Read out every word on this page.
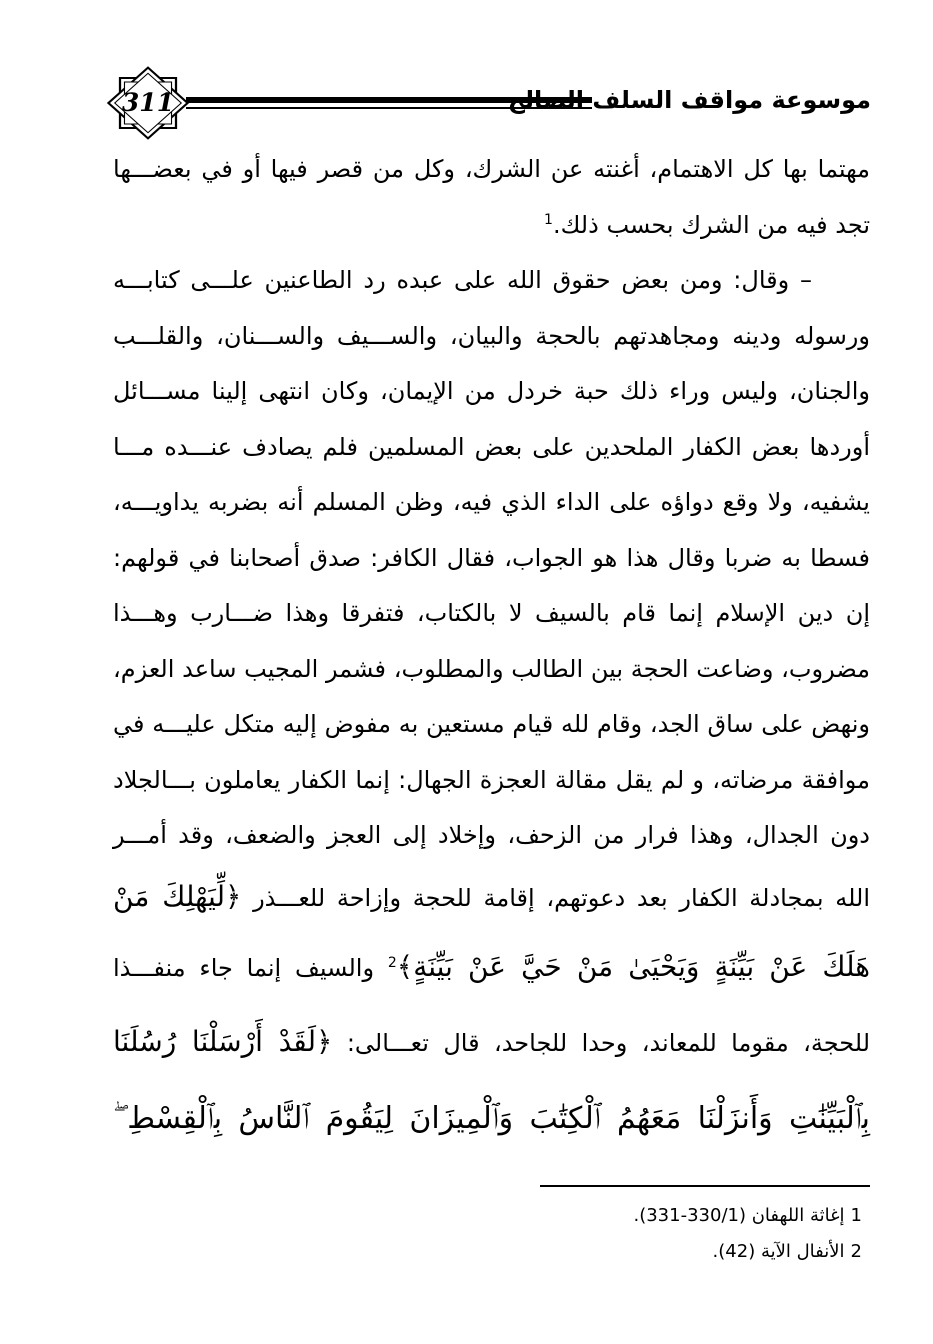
311	موسوعة مواقف السلف الصالح
مهتما بها كل الاهتمام، أغنته عن الشرك، وكل من قصر فيها أو في بعضـــها
تجد فيه من الشرك بحسب ذلك.$^1$
– وقال: ومن بعض حقوق الله على عبده رد الطاعنين علـــى كتابـــه
ورسوله ودينه ومجاهدتهم بالحجة والبيان، والســـيف والســـنان، والقلـــب
والجنان، وليس وراء ذلك حبة خردل من الإيمان، وكان انتهى إلينا مســـائل
أوردها بعض الكفار الملحدين على بعض المسلمين فلم يصادف عنـــده مـــا
يشفيه، ولا وقع دواؤه على الداء الذي فيه، وظن المسلم أنه بضربه يداويـــه،
فسطا به ضربا وقال هذا هو الجواب، فقال الكافر: صدق أصحابنا في قولهم:
إن دين الإسلام إنما قام بالسيف لا بالكتاب، فتفرقا وهذا ضـــارب وهـــذا
مضروب، وضاعت الحجة بين الطالب والمطلوب، فشمر المجيب ساعد العزم،
ونهض على ساق الجد، وقام لله قيام مستعين به مفوض إليه متكل عليـــه في
موافقة مرضاته، و لم يقل مقالة العجزة الجهال: إنما الكفار يعاملون بـــالجلاد
دون الجدال، وهذا فرار من الزحف، وإخلاد إلى العجز والضعف، وقد أمـــر
الله بمجادلة الكفار بعد دعوتهم، إقامة للحجة وإزاحة للعـــذر ﴿لِّيَهْلِكَ مَنْ
هَلَكَ عَنْ بَيِّنَةٍ وَيَحْيَىٰ مَنْ حَيَّ عَنْ بَيِّنَةٍ﴾$^2$ والسيف إنما جاء منفـــذا
للحجة، مقوما للمعاند، وحدا للجاحد، قال تعـــالى: ﴿لَقَدْ أَرْسَلْنَا رُسُلَنَا
بِٱلْبَيِّنَٰتِ وَأَنزَلْنَا مَعَهُمُ ٱلْكِتَٰبَ وَٱلْمِيزَانَ لِيَقُومَ ٱلنَّاسُ بِٱلْقِسْطِ ۖ
1إغاثة اللهفان (⁦331-330/1⁩).
2الأنفال الآية (42).
